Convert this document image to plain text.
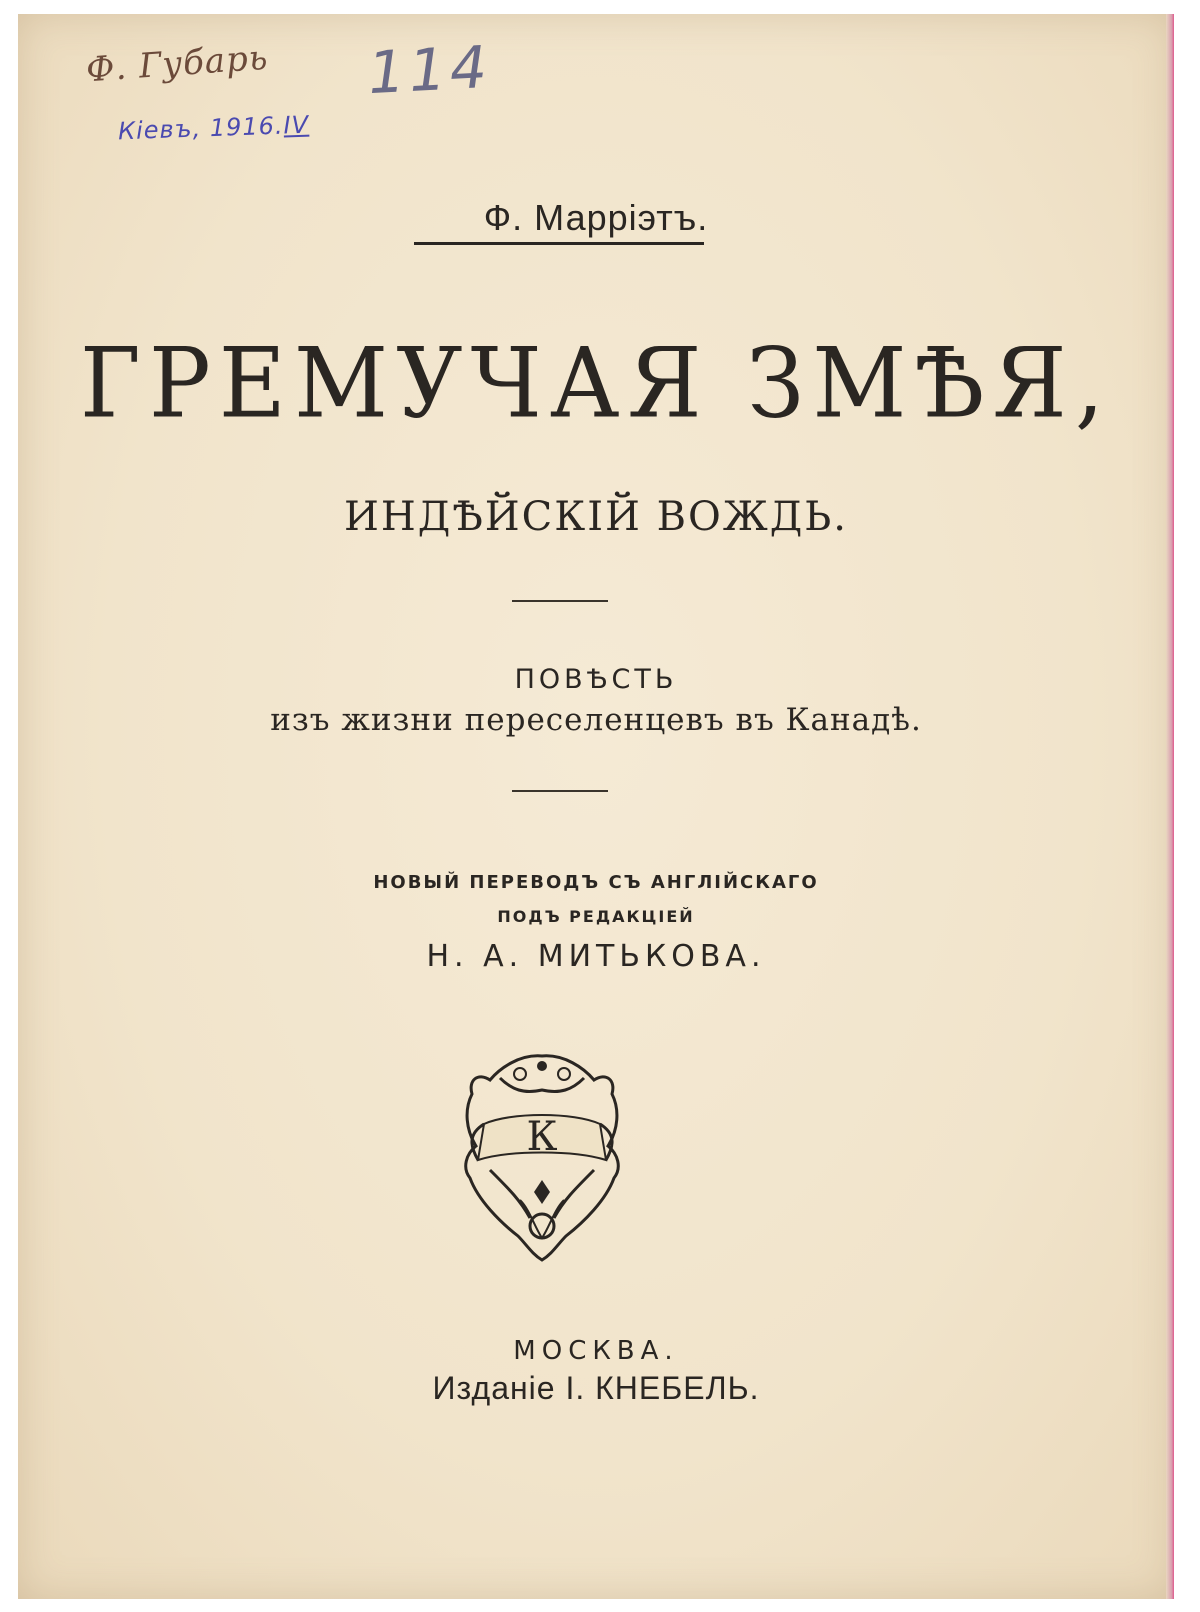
Ф. Губарь
Кіевъ, 1916.IV
114
Ф. Марріэтъ.
ГРЕМУЧАЯ ЗМѢЯ,
ИНДѢЙСКІЙ ВОЖДЬ.
ПОВѢСТЬ
изъ жизни переселенцевъ въ Канадѣ.
НОВЫЙ ПЕРЕВОДЪ СЪ АНГЛІЙСКАГО
ПОДЪ РЕДАКЦІЕЙ
Н. А. МИТЬКОВА.
К
МОСКВА.
Изданіе І. КНЕБЕЛЬ.
